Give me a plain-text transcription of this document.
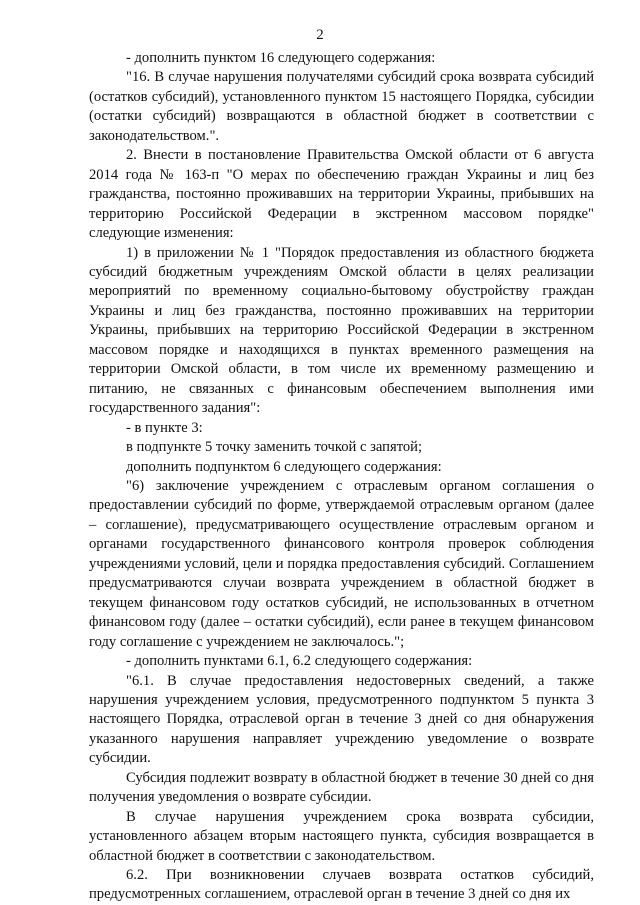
2

- дополнить пунктом 16 следующего содержания:

"16. В случае нарушения получателями субсидий срока возврата субсидий (остатков субсидий), установленного пунктом 15 настоящего Порядка, субсидии (остатки субсидий) возвращаются в областной бюджет в соответствии с законодательством.".

2. Внести в постановление Правительства Омской области от 6 августа 2014 года № 163-п "О мерах по обеспечению граждан Украины и лиц без гражданства, постоянно проживавших на территории Украины, прибывших на территорию Российской Федерации в экстренном массовом порядке" следующие изменения:

1) в приложении № 1 "Порядок предоставления из областного бюджета субсидий бюджетным учреждениям Омской области в целях реализации мероприятий по временному социально-бытовому обустройству граждан Украины и лиц без гражданства, постоянно проживавших на территории Украины, прибывших на территорию Российской Федерации в экстренном массовом порядке и находящихся в пунктах временного размещения на территории Омской области, в том числе их временному размещению и питанию, не связанных с финансовым обеспечением выполнения ими государственного задания":

- в пункте 3:

в подпункте 5 точку заменить точкой с запятой;

дополнить подпунктом 6 следующего содержания:

"6) заключение учреждением с отраслевым органом соглашения о предоставлении субсидий по форме, утверждаемой отраслевым органом (далее – соглашение), предусматривающего осуществление отраслевым органом и органами государственного финансового контроля проверок соблюдения учреждениями условий, цели и порядка предоставления субсидий. Соглашением предусматриваются случаи возврата учреждением в областной бюджет в текущем финансовом году остатков субсидий, не использованных в отчетном финансовом году (далее – остатки субсидий), если ранее в текущем финансовом году соглашение с учреждением не заключалось.";

- дополнить пунктами 6.1, 6.2 следующего содержания:

"6.1. В случае предоставления недостоверных сведений, а также нарушения учреждением условия, предусмотренного подпунктом 5 пункта 3 настоящего Порядка, отраслевой орган в течение 3 дней со дня обнаружения указанного нарушения направляет учреждению уведомление о возврате субсидии.

Субсидия подлежит возврату в областной бюджет в течение 30 дней со дня получения уведомления о возврате субсидии.

В случае нарушения учреждением срока возврата субсидии, установленного абзацем вторым настоящего пункта, субсидия возвращается в областной бюджет в соответствии с законодательством.

6.2. При возникновении случаев возврата остатков субсидий, предусмотренных соглашением, отраслевой орган в течение 3 дней со дня их
